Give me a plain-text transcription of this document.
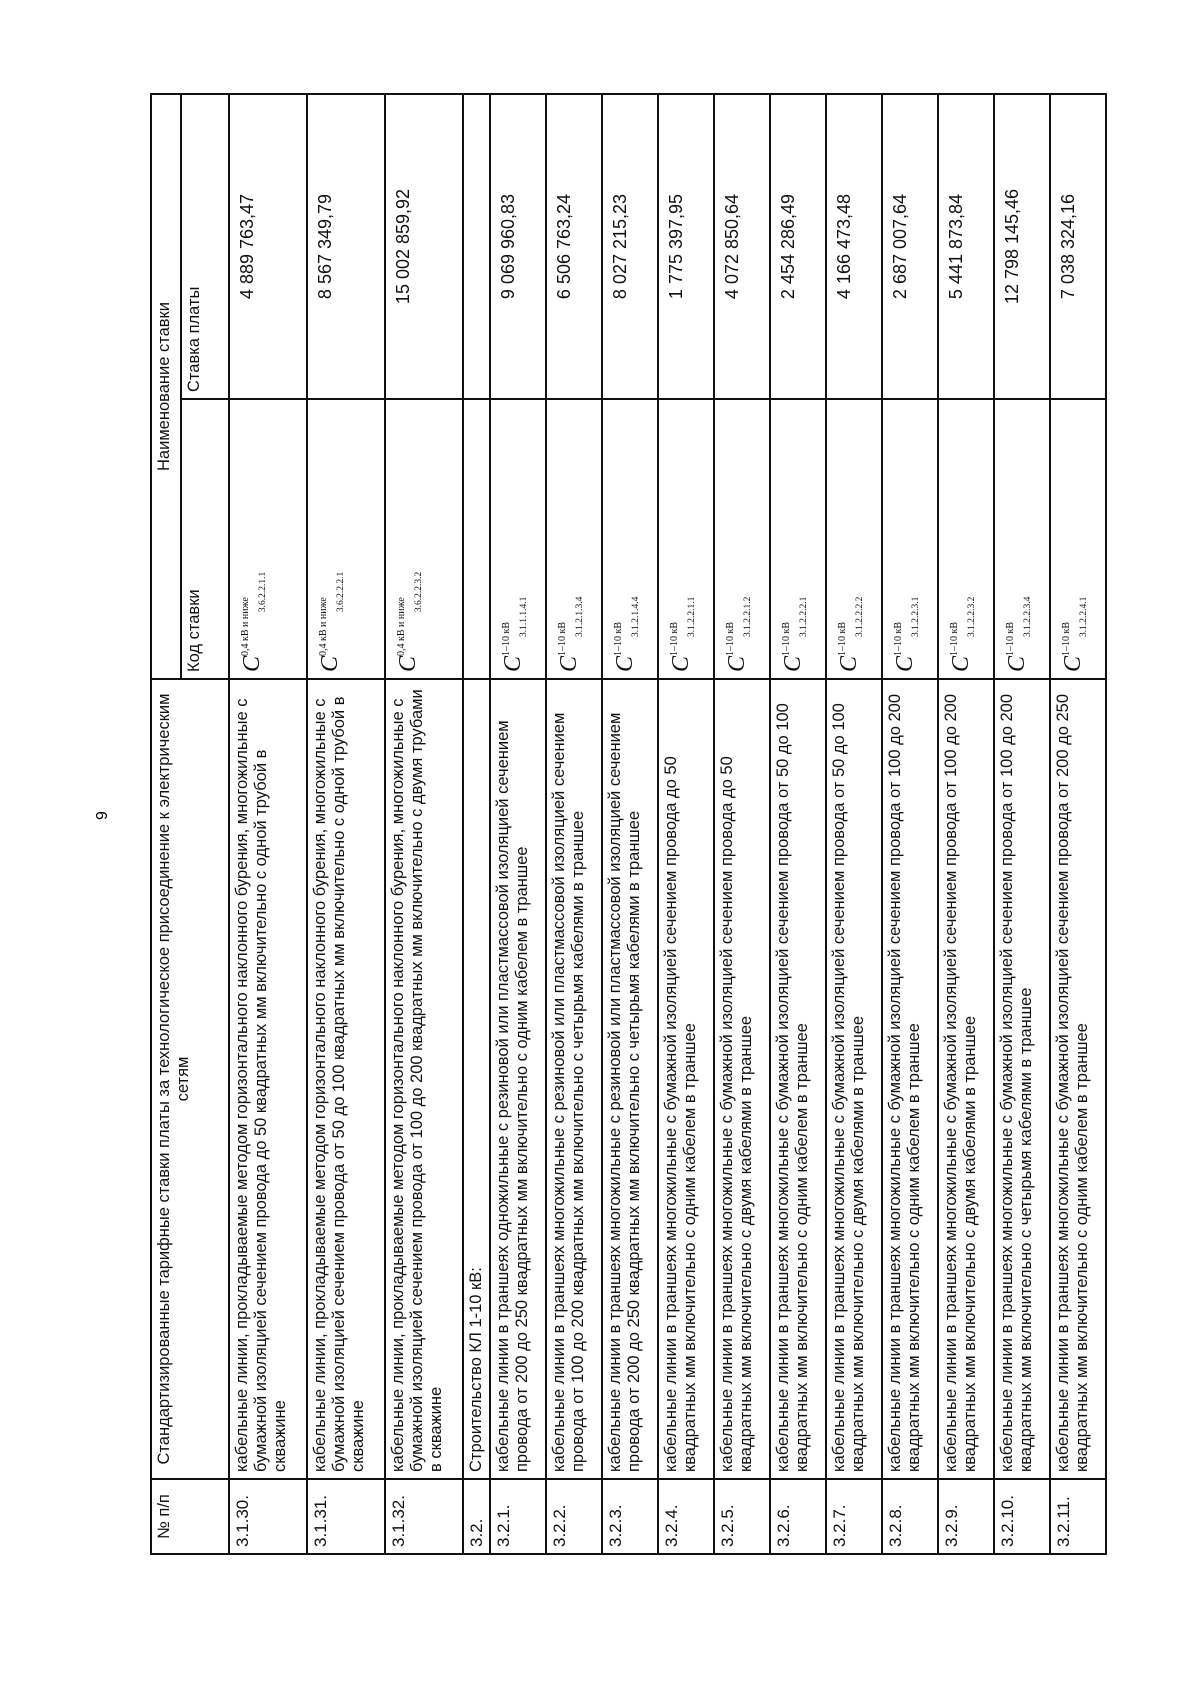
9
№ п/п	Стандартизированные тарифные ставки платы за технологическое присоединение к электрическим сетям	Наименование ставки	
		Код ставки	Ставка платы
3.1.30.	кабельные линии, прокладываемые методом горизонтального наклонного бурения, многожильные с бумажной изоляцией сечением провода до 50 квадратных мм включительно с одной трубой в скважине	$C^{0,4 кВ и ниже}_{3.6.2.2.1.1}$	4 889 763,47
3.1.31.	кабельные линии, прокладываемые методом горизонтального наклонного бурения, многожильные с бумажной изоляцией сечением провода от 50 до 100 квадратных мм включительно с одной трубой в скважине	$C^{0,4 кВ и ниже}_{3.6.2.2.2.1}$	8 567 349,79
3.1.32.	кабельные линии, прокладываемые методом горизонтального наклонного бурения, многожильные с бумажной изоляцией сечением провода от 100 до 200 квадратных мм включительно с двумя трубами в скважине	$C^{0,4 кВ и ниже}_{3.6.2.2.3.2}$	15 002 859,92
3.2.	Строительство КЛ 1-10 кВ:		
3.2.1.	кабельные линии в траншеях одножильные с резиновой или пластмассовой изоляцией сечением провода от 200 до 250 квадратных мм включительно с одним кабелем в траншее	$C^{1-10 кВ}_{3.1.1.1.4.1}$	9 069 960,83
3.2.2.	кабельные линии в траншеях многожильные с резиновой или пластмассовой изоляцией сечением провода от 100 до 200 квадратных мм включительно с четырьмя кабелями в траншее	$C^{1-10 кВ}_{3.1.2.1.3.4}$	6 506 763,24
3.2.3.	кабельные линии в траншеях многожильные с резиновой или пластмассовой изоляцией сечением провода от 200 до 250 квадратных мм включительно с четырьмя кабелями в траншее	$C^{1-10 кВ}_{3.1.2.1.4.4}$	8 027 215,23
3.2.4.	кабельные линии в траншеях многожильные с бумажной изоляцией сечением провода до 50 квадратных мм включительно с одним кабелем в траншее	$C^{1-10 кВ}_{3.1.2.2.1.1}$	1 775 397,95
3.2.5.	кабельные линии в траншеях многожильные с бумажной изоляцией сечением провода до 50 квадратных мм включительно с двумя кабелями в траншее	$C^{1-10 кВ}_{3.1.2.2.1.2}$	4 072 850,64
3.2.6.	кабельные линии в траншеях многожильные с бумажной изоляцией сечением провода от 50 до 100 квадратных мм включительно с одним кабелем в траншее	$C^{1-10 кВ}_{3.1.2.2.2.1}$	2 454 286,49
3.2.7.	кабельные линии в траншеях многожильные с бумажной изоляцией сечением провода от 50 до 100 квадратных мм включительно с двумя кабелями в траншее	$C^{1-10 кВ}_{3.1.2.2.2.2}$	4 166 473,48
3.2.8.	кабельные линии в траншеях многожильные с бумажной изоляцией сечением провода от 100 до 200 квадратных мм включительно с одним кабелем в траншее	$C^{1-10 кВ}_{3.1.2.2.3.1}$	2 687 007,64
3.2.9.	кабельные линии в траншеях многожильные с бумажной изоляцией сечением провода от 100 до 200 квадратных мм включительно с двумя кабелями в траншее	$C^{1-10 кВ}_{3.1.2.2.3.2}$	5 441 873,84
3.2.10.	кабельные линии в траншеях многожильные с бумажной изоляцией сечением провода от 100 до 200 квадратных мм включительно с четырьмя кабелями в траншее	$C^{1-10 кВ}_{3.1.2.2.3.4}$	12 798 145,46
3.2.11.	кабельные линии в траншеях многожильные с бумажной изоляцией сечением провода от 200 до 250 квадратных мм включительно с одним кабелем в траншее	$C^{1-10 кВ}_{3.1.2.2.4.1}$	7 038 324,16
